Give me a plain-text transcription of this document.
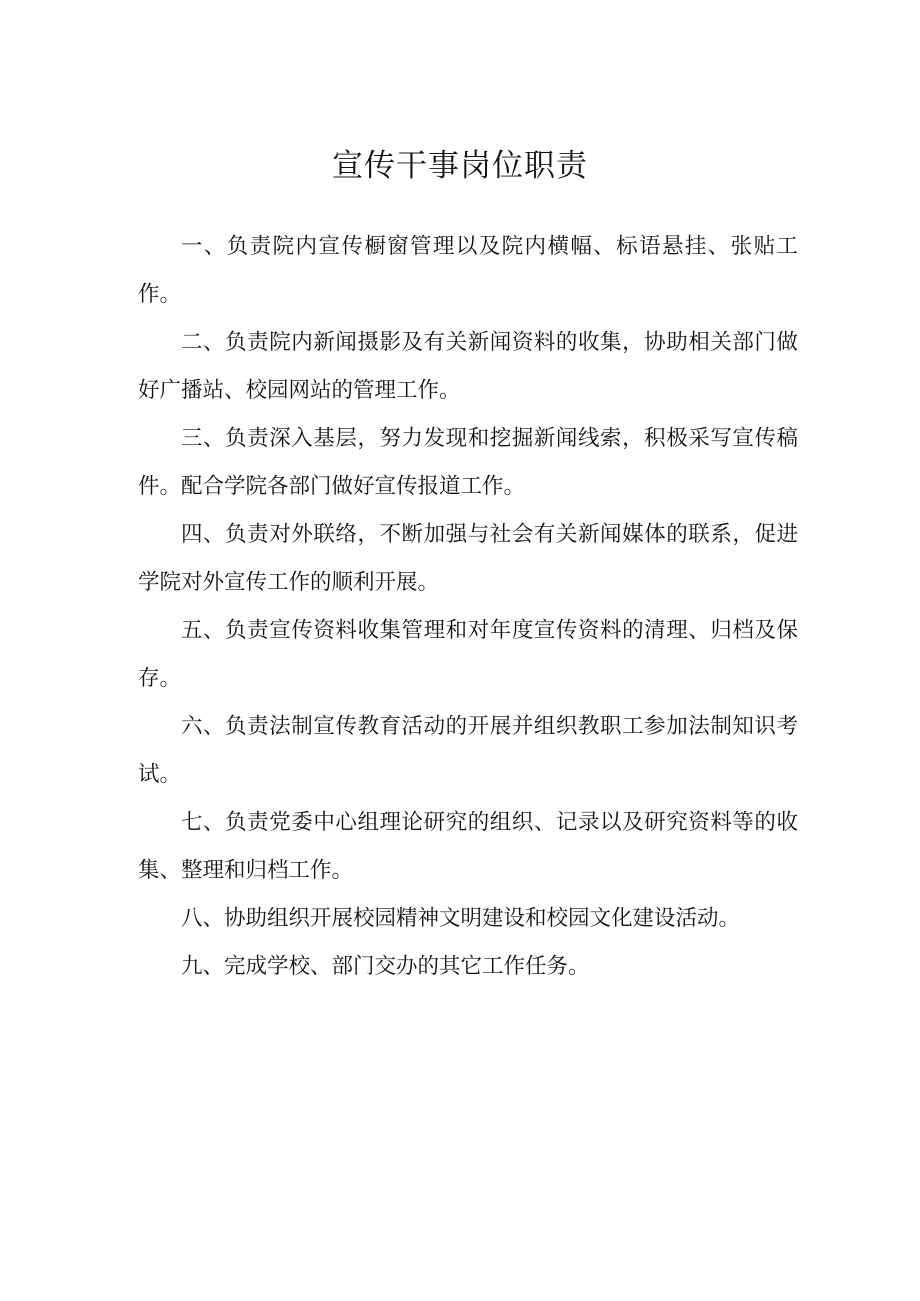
宣传干事岗位职责
一、负责院内宣传橱窗管理以及院内横幅、标语悬挂、张贴工作。
二、负责院内新闻摄影及有关新闻资料的收集，协助相关部门做好广播站、校园网站的管理工作。
三、负责深入基层，努力发现和挖掘新闻线索，积极采写宣传稿件。配合学院各部门做好宣传报道工作。
四、负责对外联络，不断加强与社会有关新闻媒体的联系，促进学院对外宣传工作的顺利开展。
五、负责宣传资料收集管理和对年度宣传资料的清理、归档及保存。
六、负责法制宣传教育活动的开展并组织教职工参加法制知识考试。
七、负责党委中心组理论研究的组织、记录以及研究资料等的收集、整理和归档工作。
八、协助组织开展校园精神文明建设和校园文化建设活动。
九、完成学校、部门交办的其它工作任务。
